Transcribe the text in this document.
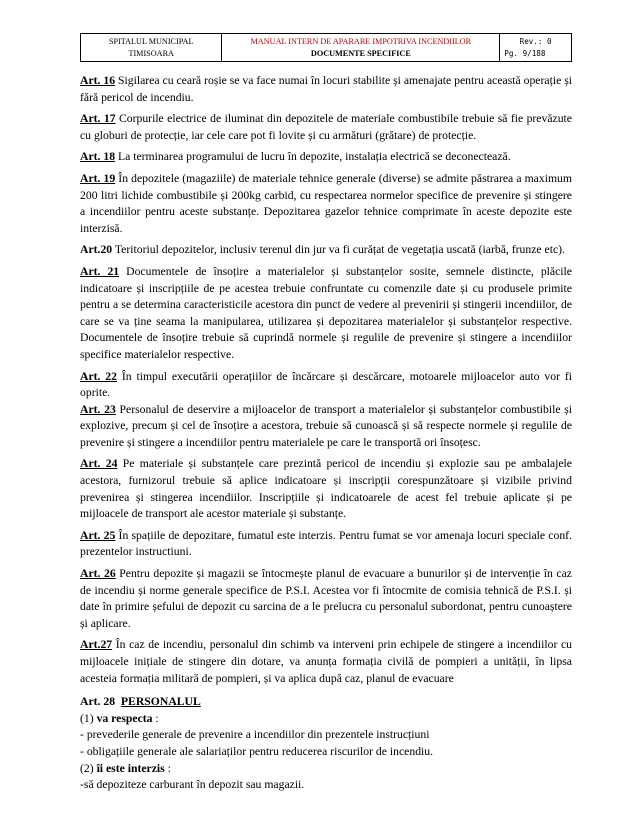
SPITALUL MUNICIPAL
TIMISOARA
MANUAL INTERN DE APARARE IMPOTRIVA INCENDIILOR
DOCUMENTE SPECIFICE
Rev.: 0
Pg. 9/188

Art. 16 Sigilarea cu ceară roșie se va face numai în locuri stabilite și amenajate pentru această operație și fără pericol de incendiu.

Art. 17 Corpurile electrice de iluminat din depozitele de materiale combustibile trebuie să fie prevăzute cu globuri de protecție, iar cele care pot fi lovite și cu armături (grătare) de protecție.

Art. 18 La terminarea programului de lucru în depozite, instalația electrică se deconectează.

Art. 19 În depozitele (magaziile) de materiale tehnice generale (diverse) se admite păstrarea a maximum 200 litri lichide combustibile și 200kg carbid, cu respectarea normelor specifice de prevenire și stingere a incendiilor pentru aceste substanțe. Depozitarea gazelor tehnice comprimate în aceste depozite este interzisă.

Art.20 Teritoriul depozitelor, inclusiv terenul din jur va fi curățat de vegetația uscată (iarbă, frunze etc).

Art. 21 Documentele de însoțire a materialelor și substanțelor sosite, semnele distincte, plăcile indicatoare și inscripțiile de pe acestea trebuie confruntate cu comenzile date și cu produsele primite pentru a se determina caracteristicile acestora din punct de vedere al prevenirii și stingerii incendiilor, de care se va ține seama la manipularea, utilizarea și depozitarea materialelor și substanțelor respective. Documentele de însoțire trebuie să cuprindă normele și regulile de prevenire și stingere a incendiilor specifice materialelor respective.

Art. 22 În timpul executării operațiilor de încărcare și descărcare, motoarele mijloacelor auto vor fi oprite.

Art. 23 Personalul de deservire a mijloacelor de transport a materialelor și substanțelor combustibile și explozive, precum și cel de însoțire a acestora, trebuie să cunoască și să respecte normele și regulile de prevenire și stingere a incendiilor pentru materialele pe care le transportă ori însoțesc.

Art. 24 Pe materiale și substanțele care prezintă pericol de incendiu și explozie sau pe ambalajele acestora, furnizorul trebuie să aplice indicatoare și inscripții corespunzătoare și vizibile privind prevenirea și stingerea incendiilor. Inscripțiile și indicatoarele de acest fel trebuie aplicate și pe mijloacele de transport ale acestor materiale și substanțe.

Art. 25 În spațiile de depozitare, fumatul este interzis. Pentru fumat se vor amenaja locuri speciale conf. prezentelor instructiuni.

Art. 26 Pentru depozite și magazii se întocmește planul de evacuare a bunurilor și de intervenție în caz de incendiu și norme generale specifice de P.S.I. Acestea vor fi întocmite de comisia tehnică de P.S.I. și date în primire șefului de depozit cu sarcina de a le prelucra cu personalul subordonat, pentru cunoaștere și aplicare.

Art.27 În caz de incendiu, personalul din schimb va interveni prin echipele de stingere a incendiilor cu mijloacele inițiale de stingere din dotare, va anunța formația civilă de pompieri a unității, în lipsa acesteia formația militară de pompieri, și va aplica după caz, planul de evacuare

Art. 28 PERSONALUL

(1) va respecta :

- prevederile generale de prevenire a incendiilor din prezentele instrucțiuni

- obligațiile generale ale salariaților pentru reducerea riscurilor de incendiu.

(2) îi este interzis :

-să depoziteze carburant în depozit sau magazii.
